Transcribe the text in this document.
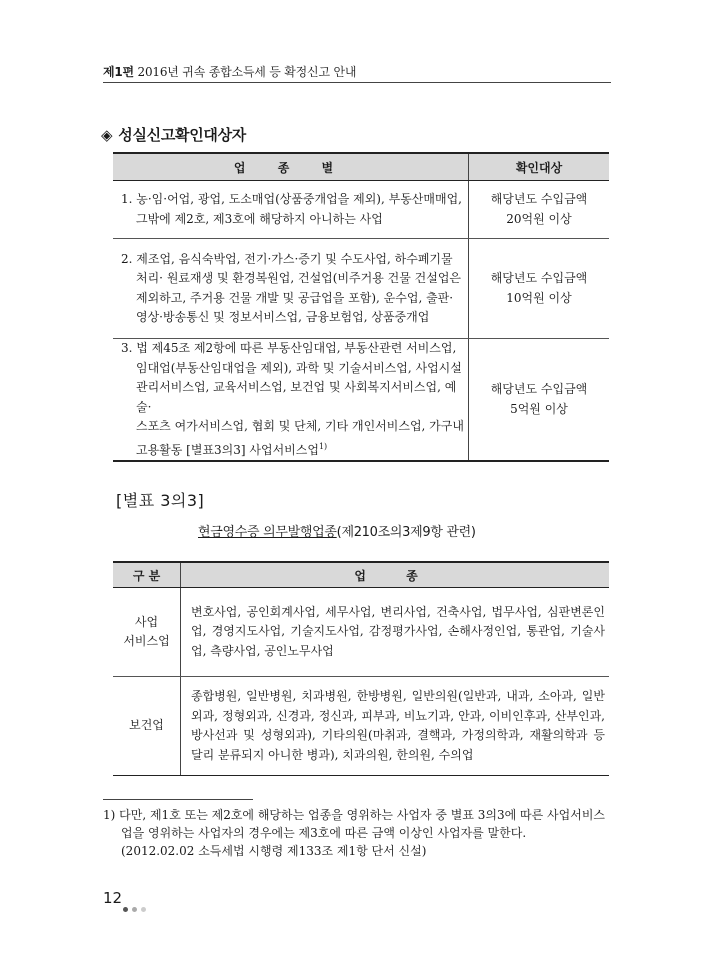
제1편 2016년 귀속 종합소득세 등 확정신고 안내
◈ 성실신고확인대상자
업 종 별	확인대상

1. 농·임·어업, 광업, 도소매업(상품중개업을 제외), 부동산매매업,
그밖에 제2호, 제3호에 해당하지 아니하는 사업	해당년도 수입금액
20억원 이상

2. 제조업, 음식숙박업, 전기·가스·증기 및 수도사업, 하수폐기물
처리· 원료재생 및 환경복원업, 건설업(비주거용 건물 건설업은
제외하고, 주거용 건물 개발 및 공급업을 포함), 운수업, 출판·
영상·방송통신 및 정보서비스업, 금융보험업, 상품중개업	해당년도 수입금액
10억원 이상

3. 법 제45조 제2항에 따른 부동산임대업, 부동산관련 서비스업,
임대업(부동산임대업을 제외), 과학 및 기술서비스업, 사업시설
관리서비스업, 교육서비스업, 보건업 및 사회복지서비스업, 예술·
스포츠 여가서비스업, 협회 및 단체, 기타 개인서비스업, 가구내
고용활동 [별표3의3] 사업서비스업$^{1)}$	해당년도 수입금액
5억원 이상
[별표 3의3]
현금영수증 의무발행업종(제210조의3제9항 관련)
구 분	업 종
사업
서비스업	변호사업, 공인회계사업, 세무사업, 변리사업, 건축사업, 법무사업, 심판변론인업, 경영지도사업, 기술지도사업, 감정평가사업, 손해사정인업, 통관업, 기술사업, 측량사업, 공인노무사업
보건업	종합병원, 일반병원, 치과병원, 한방병원, 일반의원(일반과, 내과, 소아과, 일반외과, 정형외과, 신경과, 정신과, 피부과, 비뇨기과, 안과, 이비인후과, 산부인과, 방사선과 및 성형외과), 기타의원(마취과, 결핵과, 가정의학과, 재활의학과 등 달리 분류되지 아니한 병과), 치과의원, 한의원, 수의업
1) 다만, 제1호 또는 제2호에 해당하는 업종을 영위하는 사업자 중 별표 3의3에 따른 사업서비스업을 영위하는 사업자의 경우에는 제3호에 따른 금액 이상인 사업자를 말한다.
(2012.02.02 소득세법 시행령 제133조 제1항 단서 신설)
12
